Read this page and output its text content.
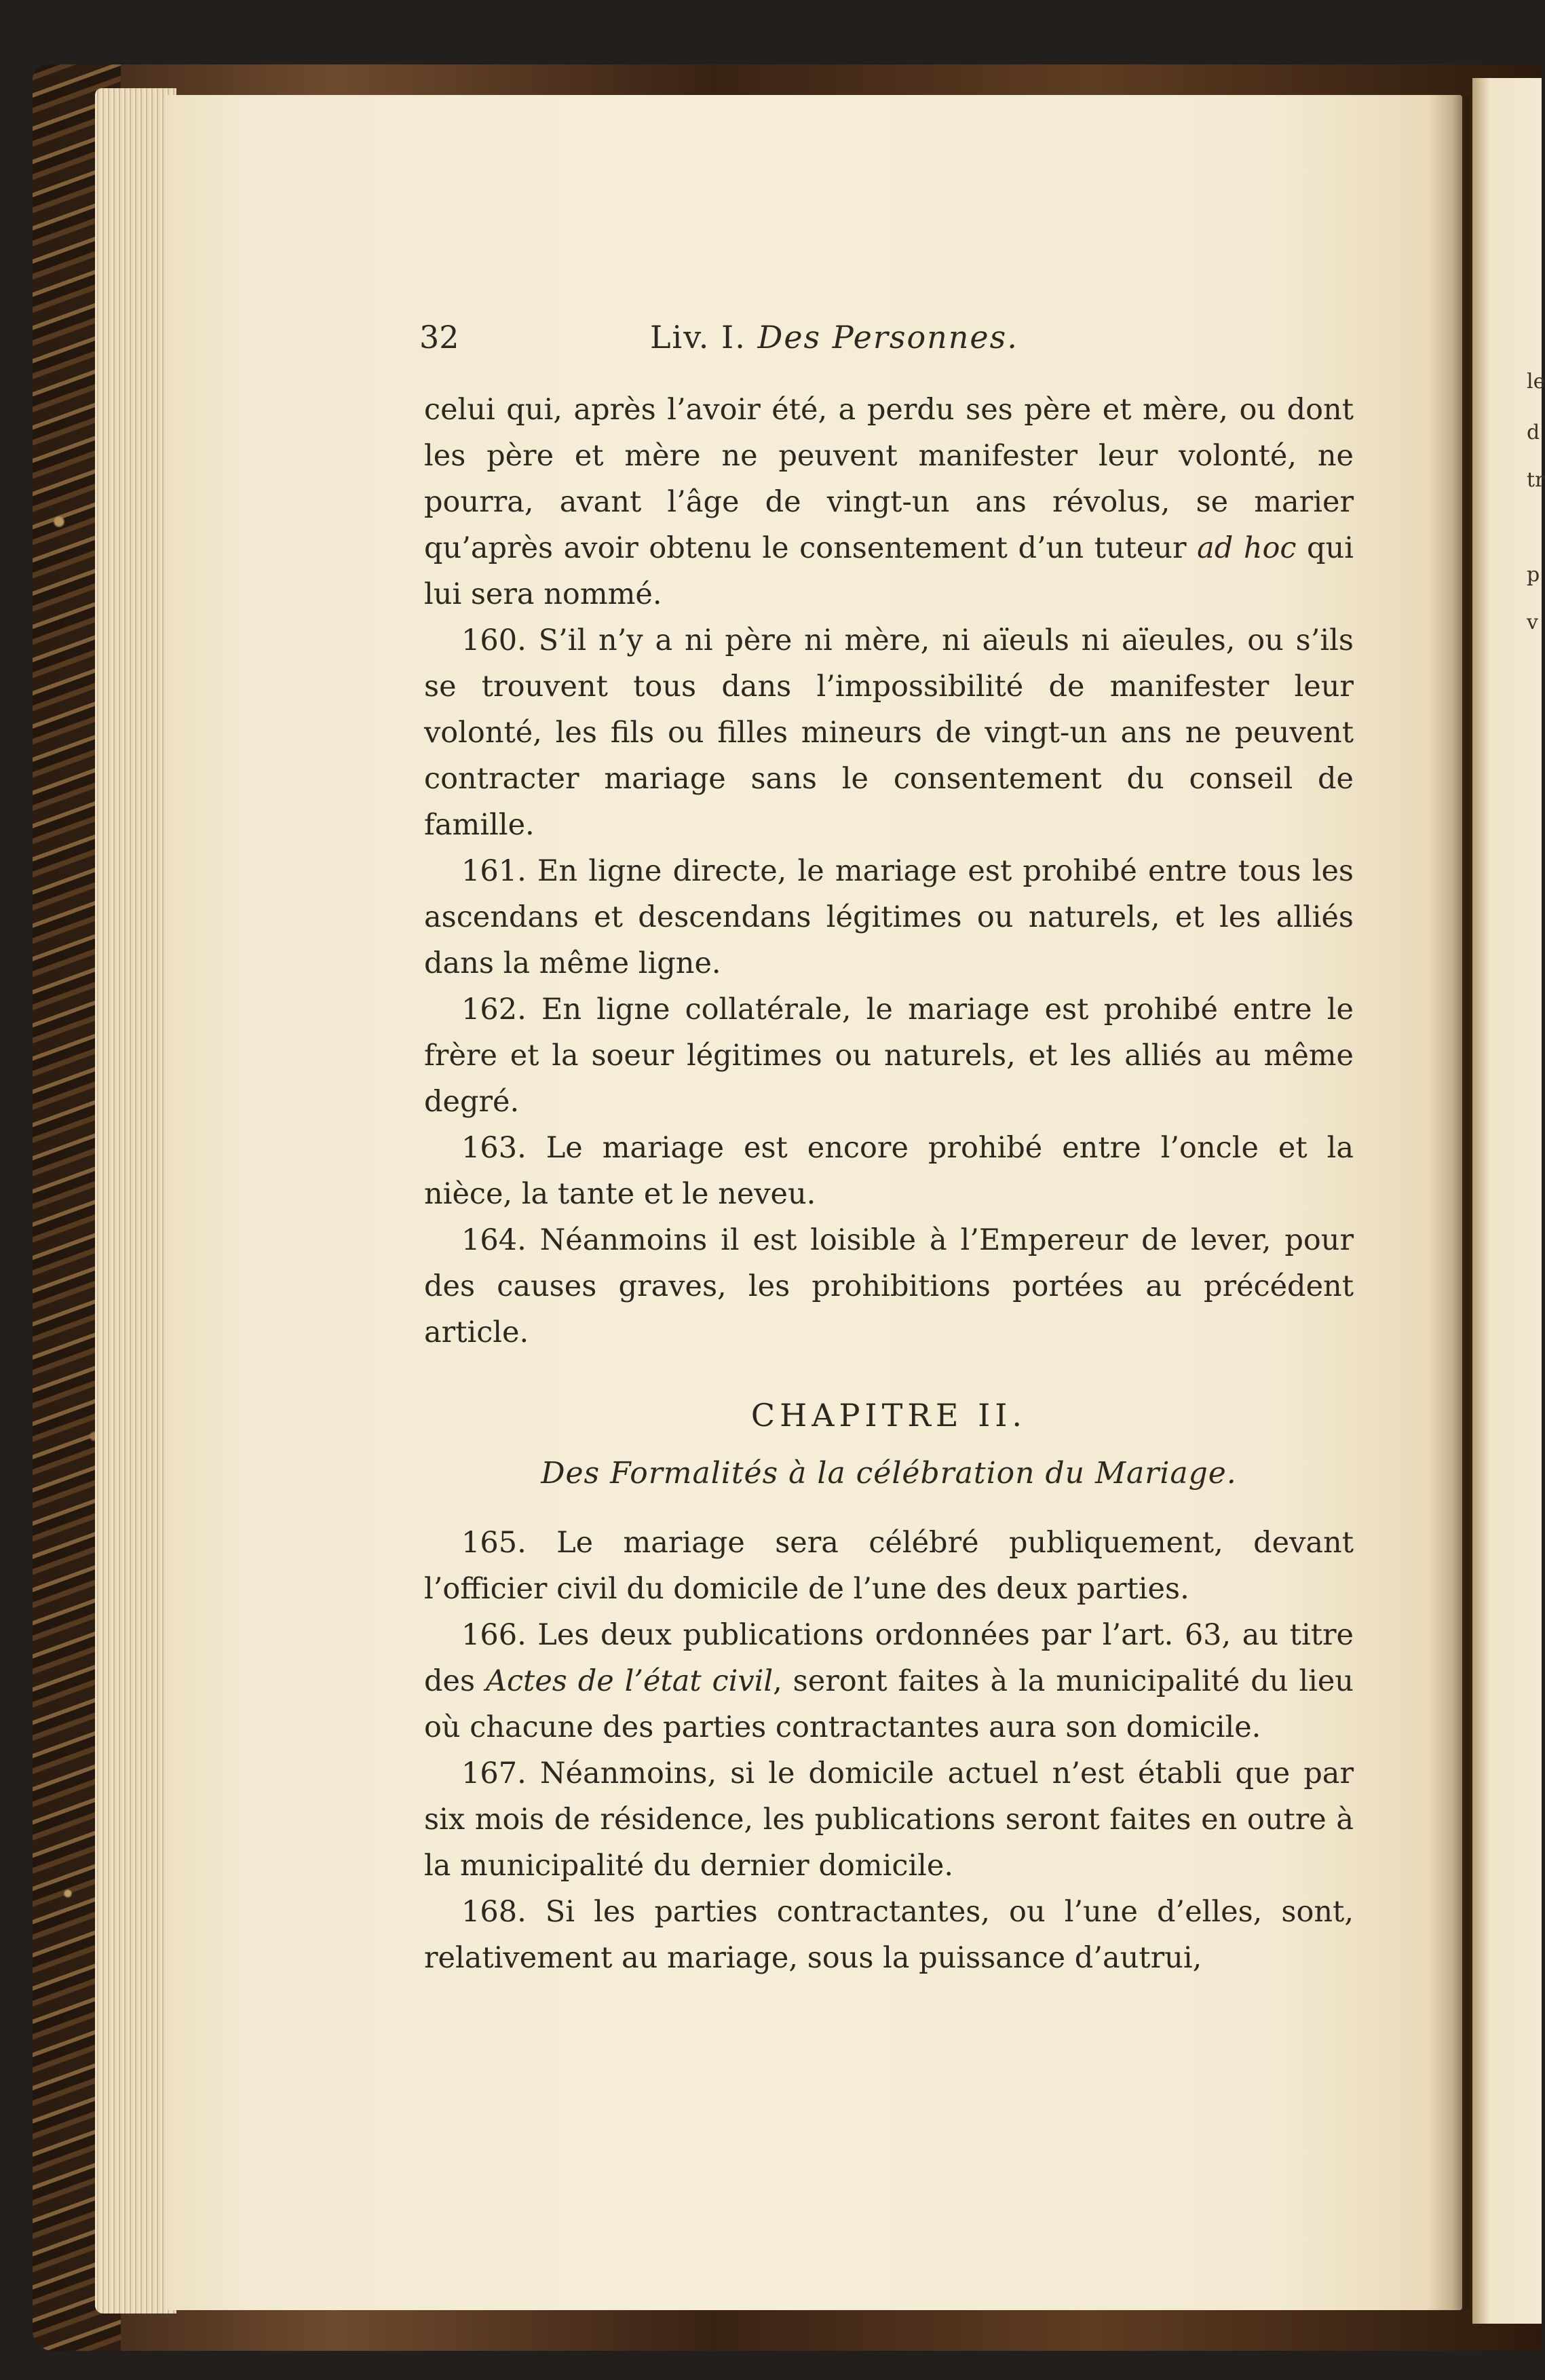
le
d
tr
p
v
32	Liv. I. Des Personnes.

celui qui, après l’avoir été, a perdu ses père et mère, ou dont les père et mère ne peuvent manifester leur volonté, ne pourra, avant l’âge de vingt-un ans révolus, se marier qu’après avoir obtenu le consentement d’un tuteur ad hoc qui lui sera nommé.

160. S’il n’y a ni père ni mère, ni aïeuls ni aïeules, ou s’ils se trouvent tous dans l’impossibilité de manifester leur volonté, les fils ou filles mineurs de vingt-un ans ne peuvent contracter mariage sans le consentement du conseil de famille.

161. En ligne directe, le mariage est prohibé entre tous les ascendans et descendans légitimes ou naturels, et les alliés dans la même ligne.

162. En ligne collatérale, le mariage est prohibé entre le frère et la soeur légitimes ou naturels, et les alliés au même degré.

163. Le mariage est encore prohibé entre l’oncle et la nièce, la tante et le neveu.

164. Néanmoins il est loisible à l’Empereur de lever, pour des causes graves, les prohibitions portées au précédent article.

CHAPITRE II.
Des Formalités à la célébration du Mariage.

165. Le mariage sera célébré publiquement, devant l’officier civil du domicile de l’une des deux parties.

166. Les deux publications ordonnées par l’art. 63, au titre des Actes de l’état civil, seront faites à la municipalité du lieu où chacune des parties contractantes aura son domicile.

167. Néanmoins, si le domicile actuel n’est établi que par six mois de résidence, les publications seront faites en outre à la municipalité du dernier domicile.

168. Si les parties contractantes, ou l’une d’elles, sont, relativement au mariage, sous la puissance d’autrui,
